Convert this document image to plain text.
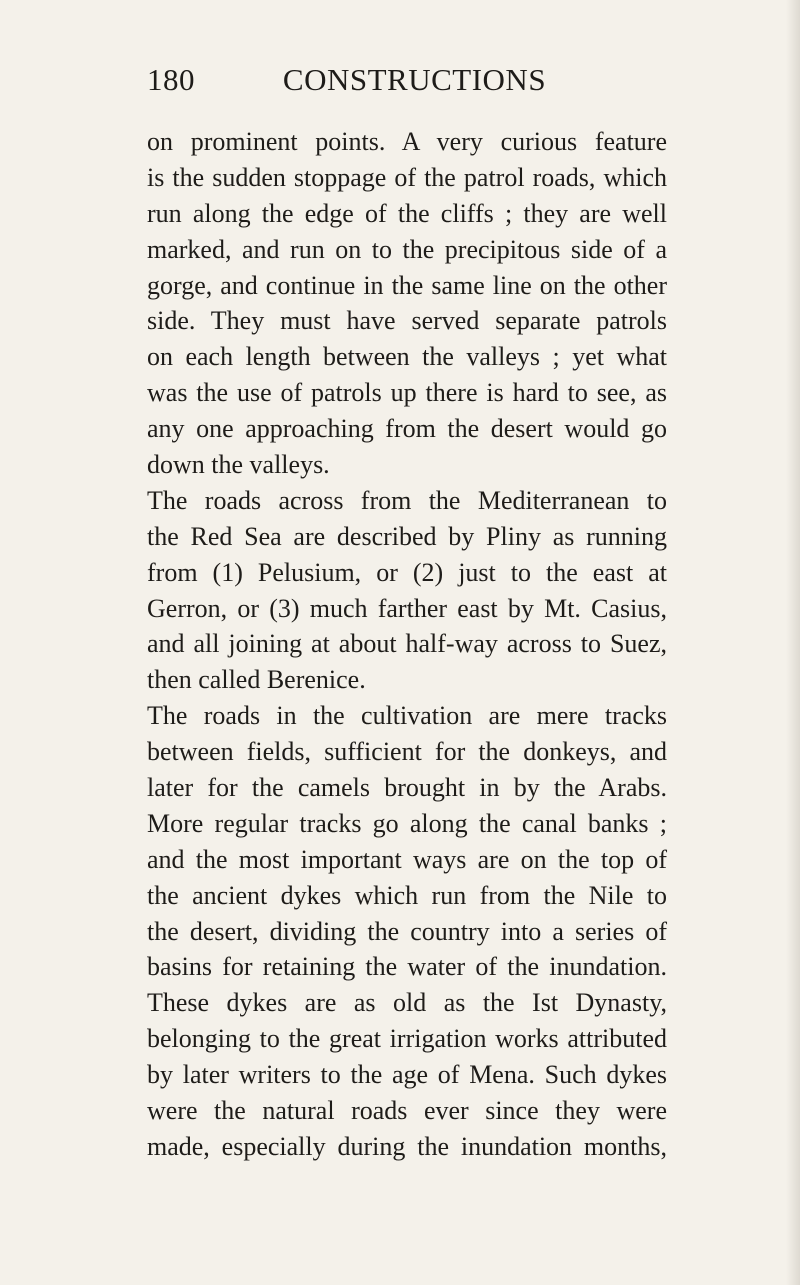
180	CONSTRUCTIONS
on prominent points. A very curious feature
is the sudden stoppage of the patrol roads, which
run along the edge of the cliffs ; they are well
marked, and run on to the precipitous side of a
gorge, and continue in the same line on the other
side. They must have served separate patrols
on each length between the valleys ; yet what
was the use of patrols up there is hard to see, as
any one approaching from the desert would go
down the valleys.
The roads across from the Mediterranean to
the Red Sea are described by Pliny as running
from (1) Pelusium, or (2) just to the east at
Gerron, or (3) much farther east by Mt. Casius,
and all joining at about half-way across to Suez,
then called Berenice.
The roads in the cultivation are mere tracks
between fields, sufficient for the donkeys, and
later for the camels brought in by the Arabs.
More regular tracks go along the canal banks ;
and the most important ways are on the top of
the ancient dykes which run from the Nile to
the desert, dividing the country into a series of
basins for retaining the water of the inundation.
These dykes are as old as the Ist Dynasty,
belonging to the great irrigation works attributed
by later writers to the age of Mena. Such dykes
were the natural roads ever since they were
made, especially during the inundation months,
